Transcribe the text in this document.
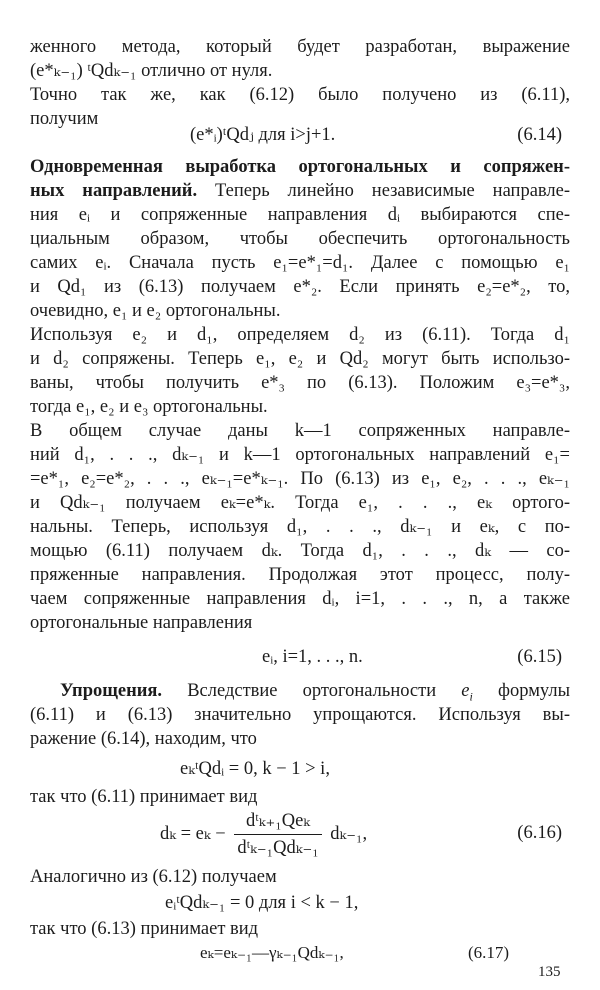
женного метода, который будет разработан, выражение
(e*ₖ₋₁) ᵗQdₖ₋₁ отлично от нуля.
Точно так же, как (6.12) было получено из (6.11),
получим
(e*ᵢ)ᵗQdⱼ для i>j+1.	(6.14)
Одновременная выработка ортогональных и сопряжен-
ных направлений. Теперь линейно независимые направле-
ния eᵢ и сопряженные направления dᵢ выбираются спе-
циальным образом, чтобы обеспечить ортогональность
самих eᵢ. Сначала пусть e₁=e*₁=d₁. Далее с помощью e₁
и Qd₁ из (6.13) получаем e*₂. Если принять e₂=e*₂, то,
очевидно, e₁ и e₂ ортогональны.
Используя e₂ и d₁, определяем d₂ из (6.11). Тогда d₁
и d₂ сопряжены. Теперь e₁, e₂ и Qd₂ могут быть использо-
ваны, чтобы получить e*₃ по (6.13). Положим e₃=e*₃,
тогда e₁, e₂ и e₃ ортогональны.
В общем случае даны k—1 сопряженных направле-
ний d₁, . . ., dₖ₋₁ и k—1 ортогональных направлений e₁=
=e*₁, e₂=e*₂, . . ., eₖ₋₁=e*ₖ₋₁. По (6.13) из e₁, e₂, . . ., eₖ₋₁
и Qdₖ₋₁ получаем eₖ=e*ₖ. Тогда e₁, . . ., eₖ ортого-
нальны. Теперь, используя d₁, . . ., dₖ₋₁ и eₖ, с по-
мощью (6.11) получаем dₖ. Тогда d₁, . . ., dₖ — со-
пряженные направления. Продолжая этот процесс, полу-
чаем сопряженные направления dᵢ, i=1, . . ., n, а также
ортогональные направления
eᵢ, i=1, . . ., n.	(6.15)
Упрощения. Вследствие ортогональности $e_i$ формулы
(6.11) и (6.13) значительно упрощаются. Используя вы-
ражение (6.14), находим, что
eₖᵗQdᵢ = 0, k − 1 > i,
так что (6.11) принимает вид
$d_k = e_k - \frac{\text{dᵗₖ₊₁Qeₖ}}{\text{dᵗₖ₋₁Qdₖ₋₁}} d_{k-1}$,	(6.16)
Аналогично из (6.12) получаем
eᵢᵗQdₖ₋₁ = 0 для i < k − 1,
так что (6.13) принимает вид
eₖ=eₖ₋₁—γₖ₋₁Qdₖ₋₁,	(6.17)
135
